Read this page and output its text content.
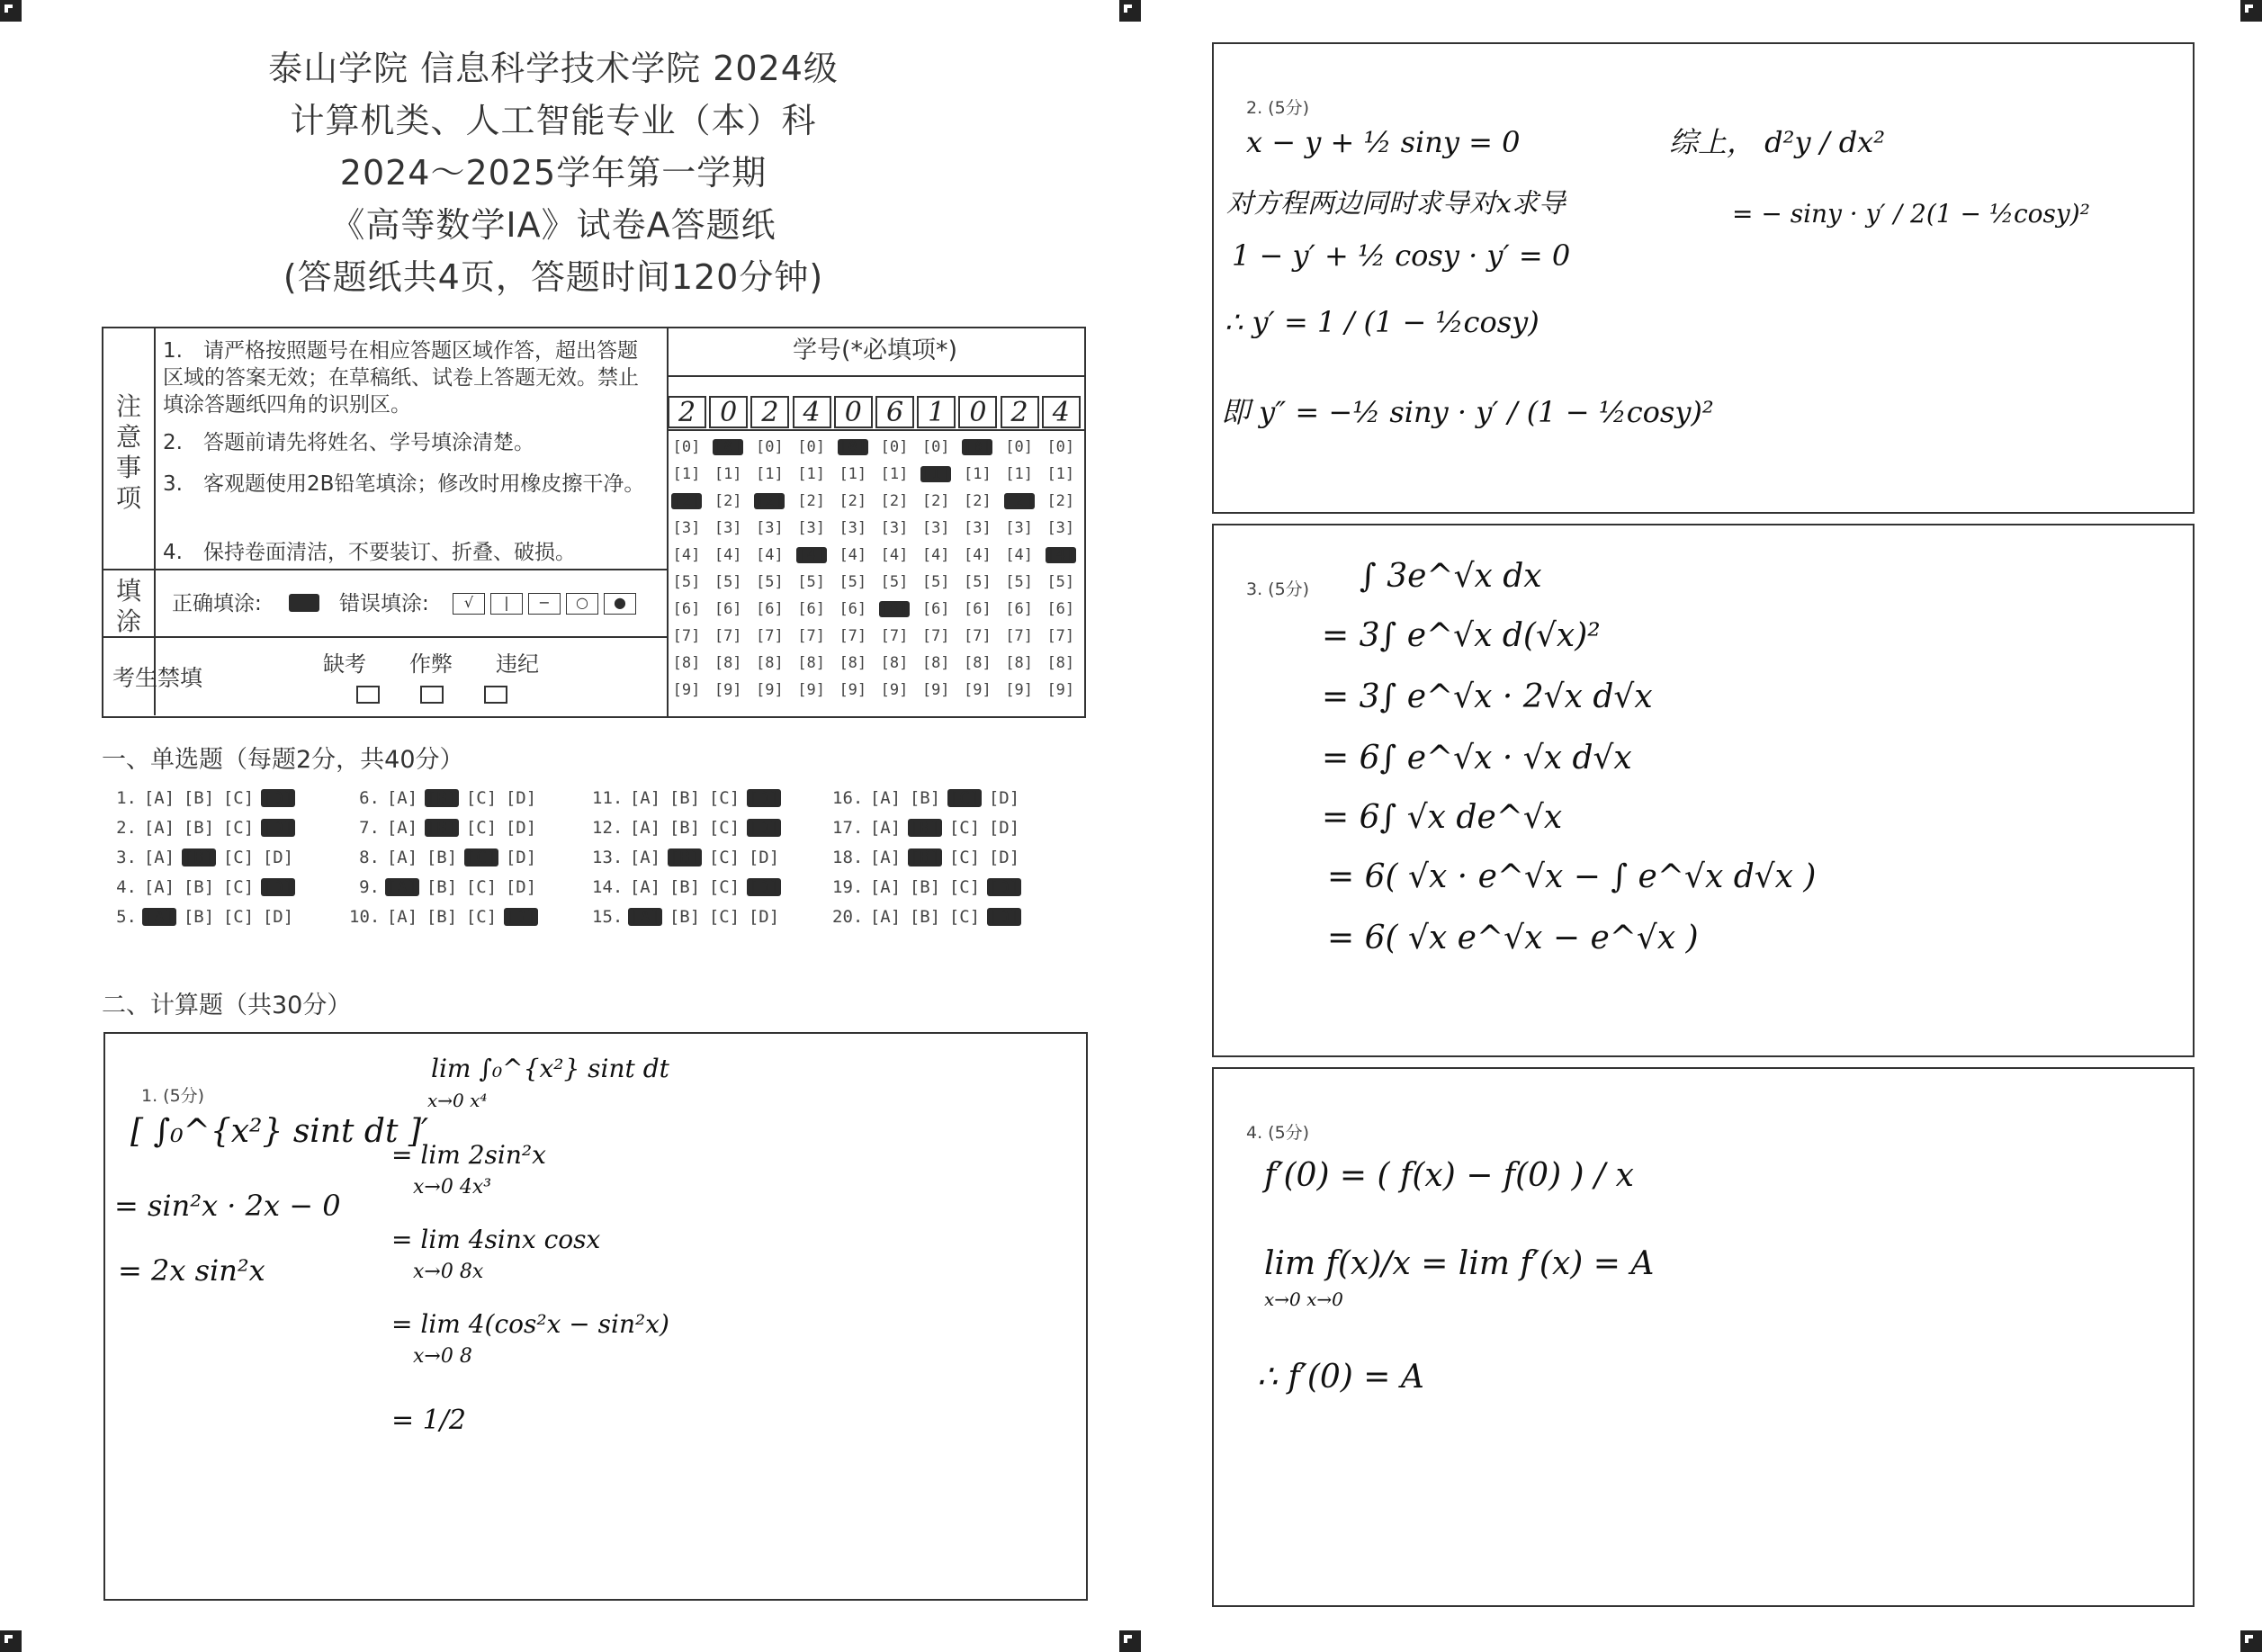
泰山学院 信息科学技术学院 2024级
计算机类、人工智能专业（本）科
2024～2025学年第一学期
《高等数学IA》试卷A答题纸
(答题纸共4页，答题时间120分钟)
注
意
事
项
1.　请严格按照题号在相应答题区域作答，超出答题区域的答案无效；在草稿纸、试卷上答题无效。禁止填涂答题纸四角的识别区。
2.　答题前请先将姓名、学号填涂清楚。
3.　客观题使用2B铅笔填涂；修改时用橡皮擦干净。
4.　保持卷面清洁，不要装订、折叠、破损。
填
涂
正确填涂:	错误填涂:	√ | − ○ ●
考生禁填
缺考 作弊 违纪
学号(*必填项*)
2
[0]
[1]
[2]
[3]
[4]
[5]
[6]
[7]
[8]
[9]
0
[0]
[1]
[2]
[3]
[4]
[5]
[6]
[7]
[8]
[9]
2
[0]
[1]
[2]
[3]
[4]
[5]
[6]
[7]
[8]
[9]
4
[0]
[1]
[2]
[3]
[4]
[5]
[6]
[7]
[8]
[9]
0
[0]
[1]
[2]
[3]
[4]
[5]
[6]
[7]
[8]
[9]
6
[0]
[1]
[2]
[3]
[4]
[5]
[6]
[7]
[8]
[9]
1
[0]
[1]
[2]
[3]
[4]
[5]
[6]
[7]
[8]
[9]
0
[0]
[1]
[2]
[3]
[4]
[5]
[6]
[7]
[8]
[9]
2
[0]
[1]
[2]
[3]
[4]
[5]
[6]
[7]
[8]
[9]
4
[0]
[1]
[2]
[3]
[4]
[5]
[6]
[7]
[8]
[9]
一、单选题（每题2分，共40分）
1. [A] [B] [C] [D]
2. [A] [B] [C] [D]
3. [A] [B] [C] [D]
4. [A] [B] [C] [D]
5. [A] [B] [C] [D]
6. [A] [B] [C] [D]
7. [A] [B] [C] [D]
8. [A] [B] [C] [D]
9. [A] [B] [C] [D]
10. [A] [B] [C] [D]
11. [A] [B] [C] [D]
12. [A] [B] [C] [D]
13. [A] [B] [C] [D]
14. [A] [B] [C] [D]
15. [A] [B] [C] [D]
16. [A] [B] [C] [D]
17. [A] [B] [C] [D]
18. [A] [B] [C] [D]
19. [A] [B] [C] [D]
20. [A] [B] [C] [D]
二、计算题（共30分）
1. (5分)
[ ∫₀^{x²} sint dt ]′
= sin²x · 2x − 0
= 2x sin²x
lim ∫₀^{x²} sint dt
x→0 x⁴
= lim 2sin²x
x→0 4x³
= lim 4sinx cosx
x→0 8x
= lim 4(cos²x − sin²x)
x→0 8
= 1/2
2. (5分)
x − y + ½ siny = 0
对方程两边同时求导对x求导
1 − y′ + ½ cosy · y′ = 0
∴ y′ = 1 / (1 − ½cosy)
即 y″ = −½ siny · y′ / (1 − ½cosy)²
综上， d²y / dx²
= − siny · y′ / 2(1 − ½cosy)²
3. (5分) ∫ 3e^√x dx
= 3∫ e^√x d(√x)²
= 3∫ e^√x · 2√x d√x
= 6∫ e^√x · √x d√x
= 6∫ √x de^√x
= 6( √x · e^√x − ∫ e^√x d√x )
= 6( √x e^√x − e^√x )
4. (5分)
f′(0) = ( f(x) − f(0) ) / x
lim f(x)/x = lim f′(x) = A
x→0 x→0
∴ f′(0) = A
